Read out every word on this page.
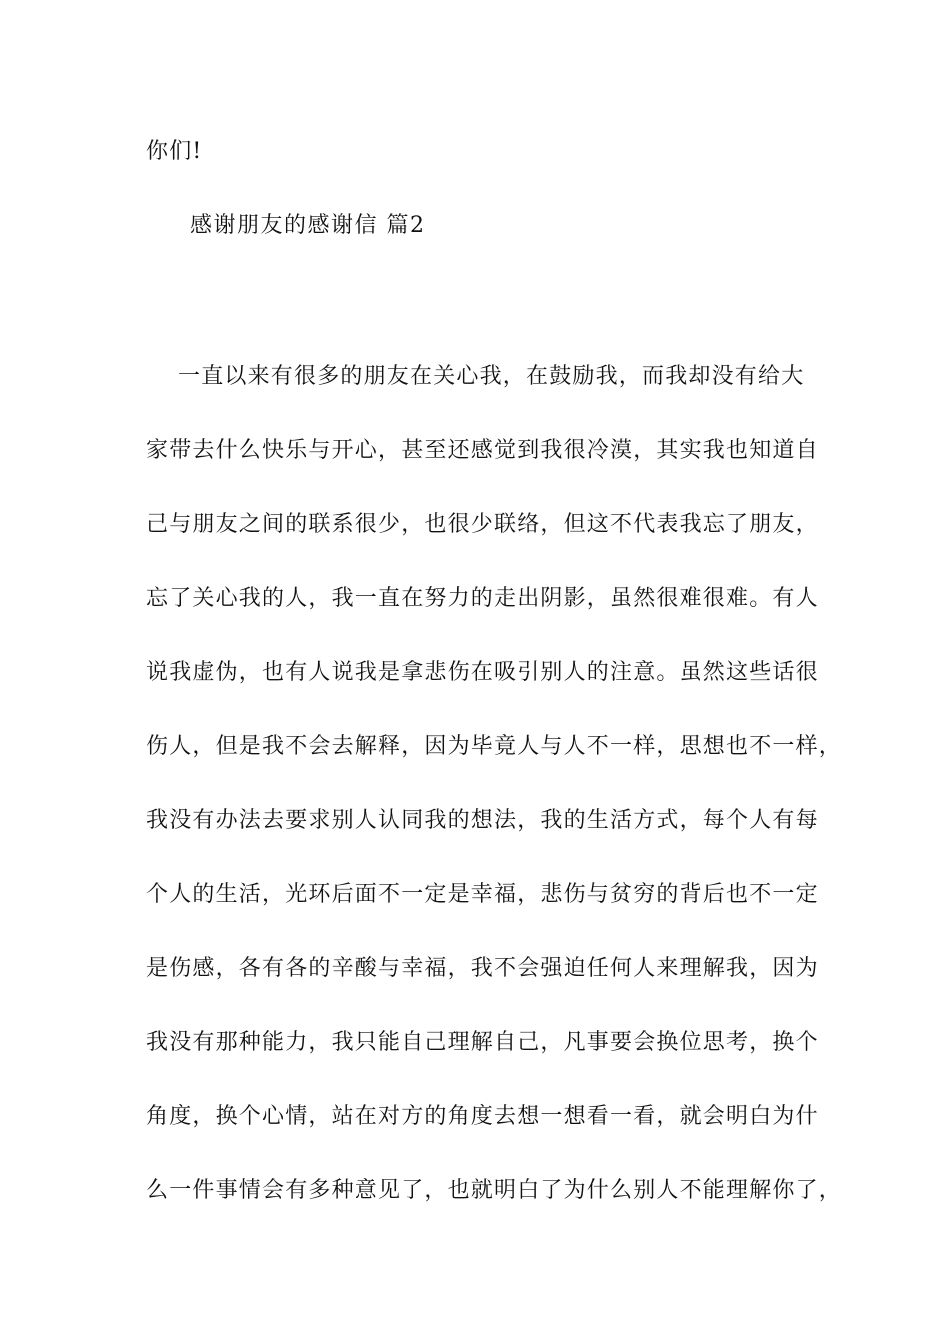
你们!
感谢朋友的感谢信 篇2
一直以来有很多的朋友在关心我，在鼓励我，而我却没有给大
家带去什么快乐与开心，甚至还感觉到我很冷漠，其实我也知道自
己与朋友之间的联系很少，也很少联络，但这不代表我忘了朋友，
忘了关心我的人，我一直在努力的走出阴影，虽然很难很难。有人
说我虚伪，也有人说我是拿悲伤在吸引别人的注意。虽然这些话很
伤人，但是我不会去解释，因为毕竟人与人不一样，思想也不一样，
我没有办法去要求别人认同我的想法，我的生活方式，每个人有每
个人的生活，光环后面不一定是幸福，悲伤与贫穷的背后也不一定
是伤感，各有各的辛酸与幸福，我不会强迫任何人来理解我，因为
我没有那种能力，我只能自己理解自己，凡事要会换位思考，换个
角度，换个心情，站在对方的角度去想一想看一看，就会明白为什
么一件事情会有多种意见了，也就明白了为什么别人不能理解你了，
